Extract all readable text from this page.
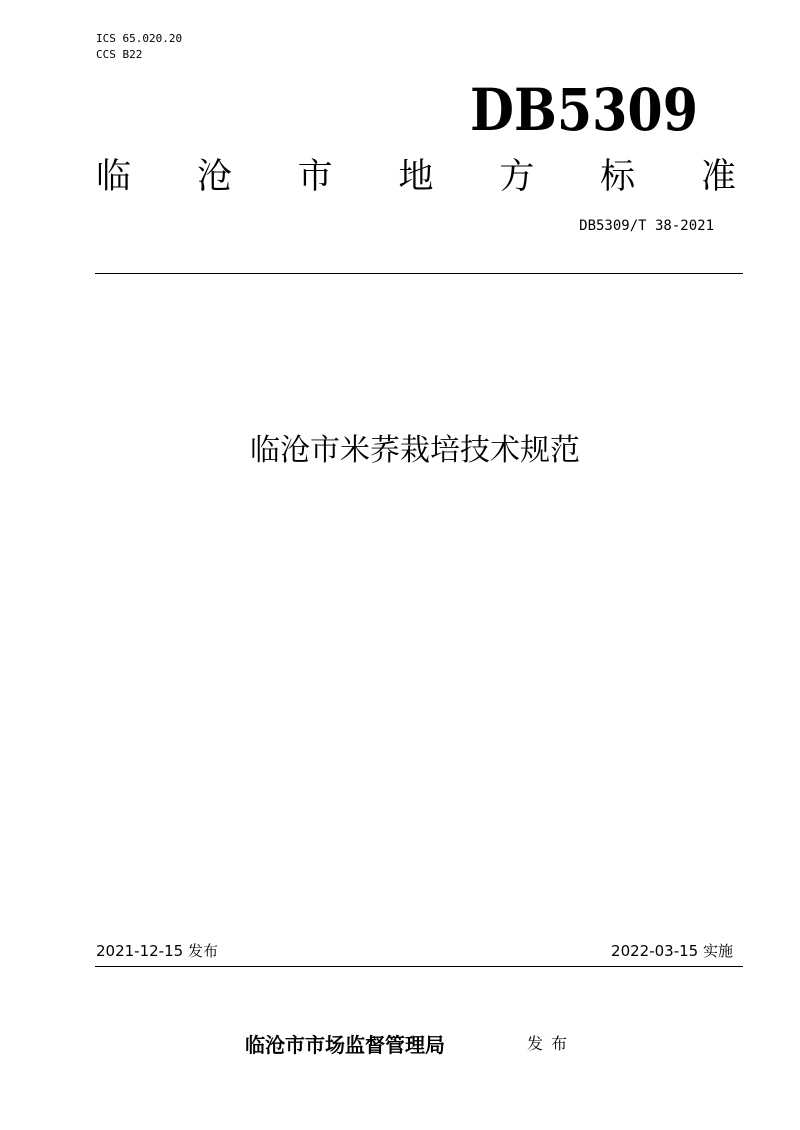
ICS 65.020.20
CCS B22
DB5309
临 沧 市 地 方 标 准
DB5309/T 38-2021
临沧市米荞栽培技术规范
2021-12-15 发布	2022-03-15 实施
临沧市市场监督管理局	发布
